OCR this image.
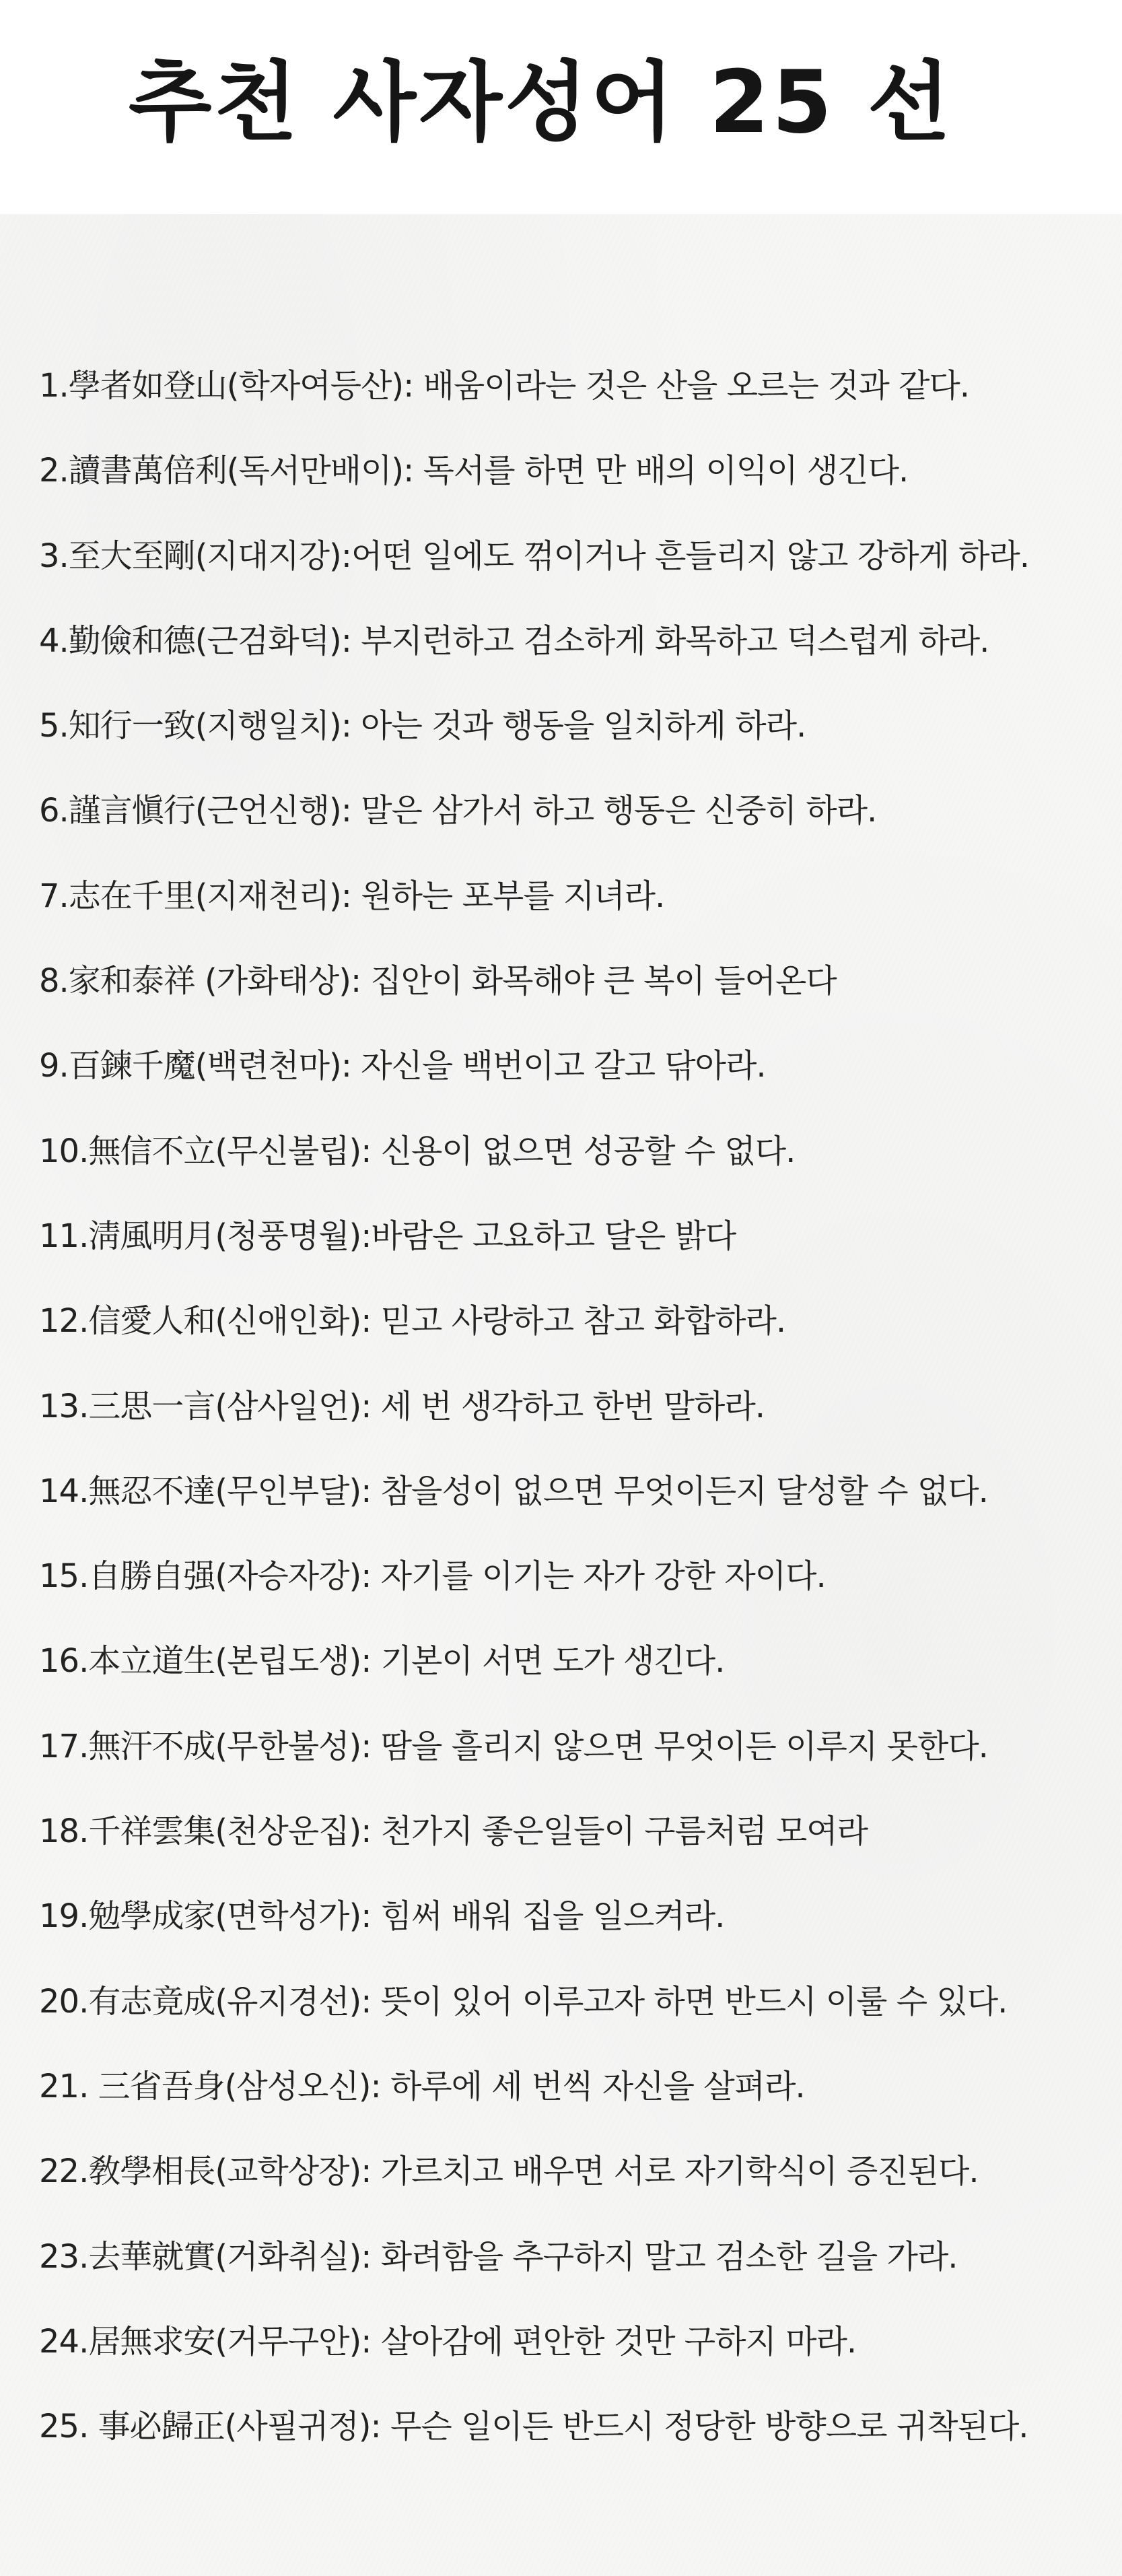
추천 사자성어 25 선
1.學者如登山(학자여등산): 배움이라는 것은 산을 오르는 것과 같다.
2.讀書萬倍利(독서만배이): 독서를 하면 만 배의 이익이 생긴다.
3.至大至剛(지대지강):어떤 일에도 꺾이거나 흔들리지 않고 강하게 하라.
4.勤儉和德(근검화덕): 부지런하고 검소하게 화목하고 덕스럽게 하라.
5.知行一致(지행일치): 아는 것과 행동을 일치하게 하라.
6.謹言愼行(근언신행): 말은 삼가서 하고 행동은 신중히 하라.
7.志在千里(지재천리): 원하는 포부를 지녀라.
8.家和泰祥 (가화태상): 집안이 화목해야 큰 복이 들어온다
9.百鍊千魔(백련천마): 자신을 백번이고 갈고 닦아라.
10.無信不立(무신불립): 신용이 없으면 성공할 수 없다.
11.淸風明月(청풍명월):바람은 고요하고 달은 밝다
12.信愛人和(신애인화): 믿고 사랑하고 참고 화합하라.
13.三思一言(삼사일언): 세 번 생각하고 한번 말하라.
14.無忍不達(무인부달): 참을성이 없으면 무엇이든지 달성할 수 없다.
15.自勝自强(자승자강): 자기를 이기는 자가 강한 자이다.
16.本立道生(본립도생): 기본이 서면 도가 생긴다.
17.無汗不成(무한불성): 땀을 흘리지 않으면 무엇이든 이루지 못한다.
18.千祥雲集(천상운집): 천가지 좋은일들이 구름처럼 모여라
19.勉學成家(면학성가): 힘써 배워 집을 일으켜라.
20.有志竟成(유지경선): 뜻이 있어 이루고자 하면 반드시 이룰 수 있다.
21. 三省吾身(삼성오신): 하루에 세 번씩 자신을 살펴라.
22.敎學相長(교학상장): 가르치고 배우면 서로 자기학식이 증진된다.
23.去華就實(거화취실): 화려함을 추구하지 말고 검소한 길을 가라.
24.居無求安(거무구안): 살아감에 편안한 것만 구하지 마라.
25. 事必歸正(사필귀정): 무슨 일이든 반드시 정당한 방향으로 귀착된다.
